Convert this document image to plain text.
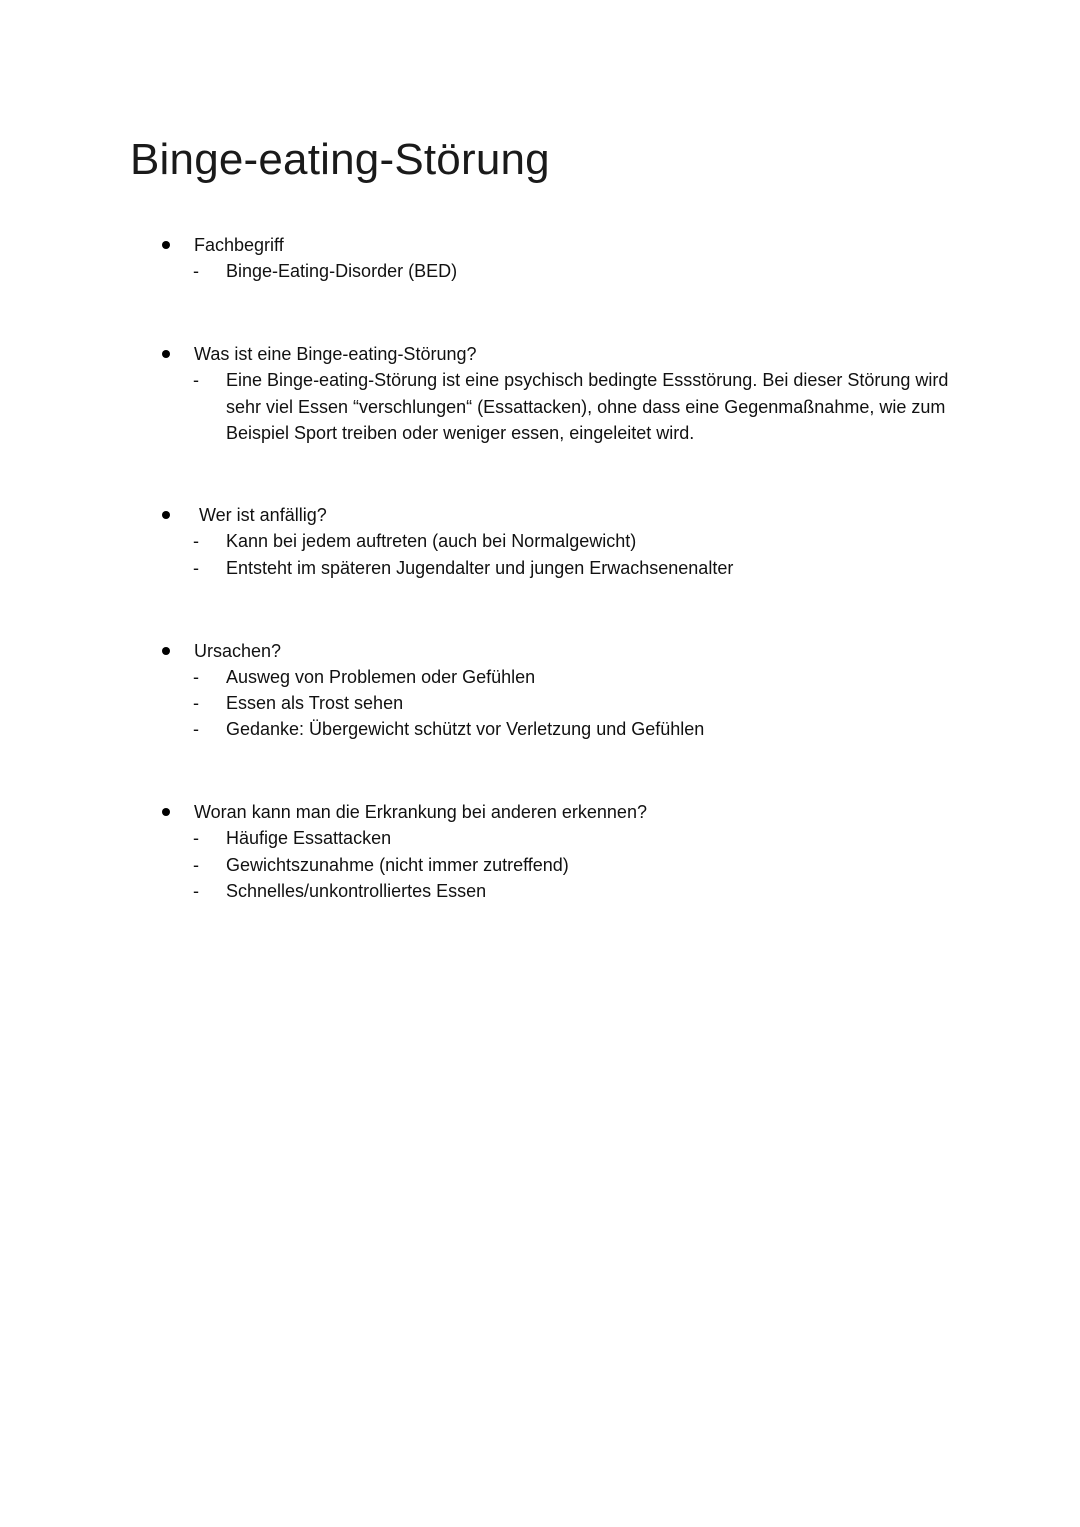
Binge-eating-Störung
Fachbegriff
- Binge-Eating-Disorder (BED)
Was ist eine Binge-eating-Störung?
- Eine Binge-eating-Störung ist eine psychisch bedingte Essstörung. Bei dieser Störung wird sehr viel Essen “verschlungen“ (Essattacken), ohne dass eine Gegenmaßnahme, wie zum Beispiel Sport treiben oder weniger essen, eingeleitet wird.
Wer ist anfällig?
- Kann bei jedem auftreten (auch bei Normalgewicht)
- Entsteht im späteren Jugendalter und jungen Erwachsenenalter
Ursachen?
- Ausweg von Problemen oder Gefühlen
- Essen als Trost sehen
- Gedanke: Übergewicht schützt vor Verletzung und Gefühlen
Woran kann man die Erkrankung bei anderen erkennen?
- Häufige Essattacken
- Gewichtszunahme (nicht immer zutreffend)
- Schnelles/unkontrolliertes Essen
